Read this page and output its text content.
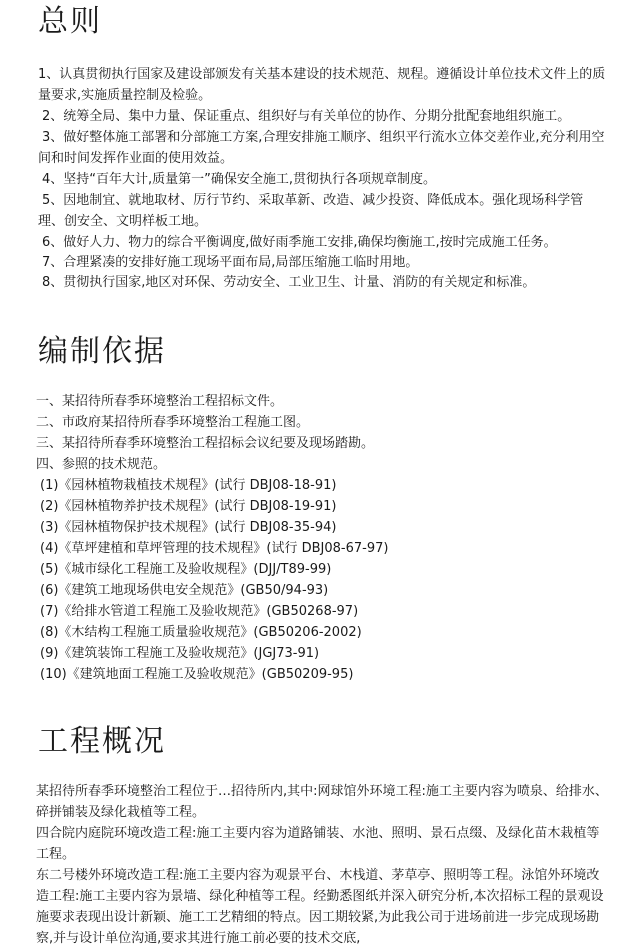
总则
1、认真贯彻执行国家及建设部颁发有关基本建设的技术规范、规程。遵循设计单位技术文件上的质量要求,实施质量控制及检验。
2、统筹全局、集中力量、保证重点、组织好与有关单位的协作、分期分批配套地组织施工。
3、做好整体施工部署和分部施工方案,合理安排施工顺序、组织平行流水立体交差作业,充分利用空间和时间发挥作业面的使用效益。
4、坚持“百年大计,质量第一”确保安全施工,贯彻执行各项规章制度。
5、因地制宜、就地取材、厉行节约、采取革新、改造、减少投资、降低成本。强化现场科学管理、创安全、文明样板工地。
6、做好人力、物力的综合平衡调度,做好雨季施工安排,确保均衡施工,按时完成施工任务。
7、合理紧凑的安排好施工现场平面布局,局部压缩施工临时用地。
8、贯彻执行国家,地区对环保、劳动安全、工业卫生、计量、消防的有关规定和标准。
编制依据
一、某招待所春季环境整治工程招标文件。
二、市政府某招待所春季环境整治工程施工图。
三、某招待所春季环境整治工程招标会议纪要及现场踏勘。
四、参照的技术规范。
(1)《园林植物栽植技术规程》(试行 DBJ08-18-91)
(2)《园林植物养护技术规程》(试行 DBJ08-19-91)
(3)《园林植物保护技术规程》(试行 DBJ08-35-94)
(4)《草坪建植和草坪管理的技术规程》(试行 DBJ08-67-97)
(5)《城市绿化工程施工及验收规程》(DJJ/T89-99)
(6)《建筑工地现场供电安全规范》(GB50/94-93)
(7)《给排水管道工程施工及验收规范》(GB50268-97)
(8)《木结构工程施工质量验收规范》(GB50206-2002)
(9)《建筑装饰工程施工及验收规范》(JGJ73-91)
(10)《建筑地面工程施工及验收规范》(GB50209-95)
工程概况
某招待所春季环境整治工程位于…招待所内,其中:网球馆外环境工程:施工主要内容为喷泉、给排水、碎拼铺装及绿化栽植等工程。
四合院内庭院环境改造工程:施工主要内容为道路铺装、水池、照明、景石点缀、及绿化苗木栽植等工程。
东二号楼外环境改造工程:施工主要内容为观景平台、木栈道、茅草亭、照明等工程。泳馆外环境改造工程:施工主要内容为景墙、绿化种植等工程。经勤悉图纸并深入研究分析,本次招标工程的景观设施要求表现出设计新颖、施工工艺精细的特点。因工期较紧,为此我公司于进场前进一步完成现场勘察,并与设计单位沟通,要求其进行施工前必要的技术交底,
